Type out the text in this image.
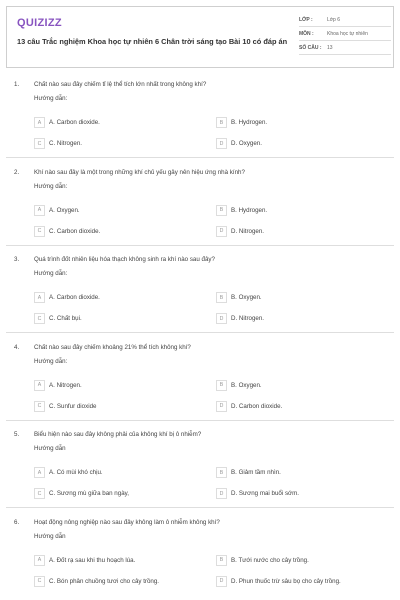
QUIZIZZ
13 câu Trắc nghiệm Khoa học tự nhiên 6 Chân trời sáng tạo Bài 10 có đáp án
LỚP :	Lớp 6
MÔN :	Khoa học tự nhiên
SỐ CÂU :	13
1. Chất nào sau đây chiếm tỉ lệ thể tích lớn nhất trong không khí?
Hướng dẫn:
A	A. Carbon dioxide.	B	B. Hydrogen.
C	C. Nitrogen.	D	D. Oxygen.
2. Khí nào sau đây là một trong những khí chủ yếu gây nên hiệu ứng nhà kính?
Hướng dẫn:
A	A. Oxygen.	B	B. Hydrogen.
C	C. Carbon dioxide.	D	D. Nitrogen.
3. Quá trình đốt nhiên liệu hóa thạch không sinh ra khí nào sau đây?
Hướng dẫn:
A	A. Carbon dioxide.	B	B. Oxygen.
C	C. Chất bụi.	D	D. Nitrogen.
4. Chất nào sau đây chiếm khoảng 21% thể tích không khí?
Hướng dẫn:
A	A. Nitrogen.	B	B. Oxygen.
C	C. Sunfur dioxide	D	D. Carbon dioxide.
5. Biểu hiện nào sau đây không phải của không khí bị ô nhiễm?
Hướng dẫn
A	A. Có mùi khó chịu.	B	B. Giảm tầm nhìn.
C	C. Sương mù giữa ban ngày,	D	D. Sương mai buổi sớm.
6. Hoạt động nông nghiệp nào sau đây không làm ô nhiễm không khí?
Hướng dẫn
A	A. Đốt rạ sau khi thu hoạch lúa.	B	B. Tưới nước cho cây trồng.
C	C. Bón phân chuồng tươi cho cây trồng.	D	D. Phun thuốc trừ sâu bọ cho cây trồng.
